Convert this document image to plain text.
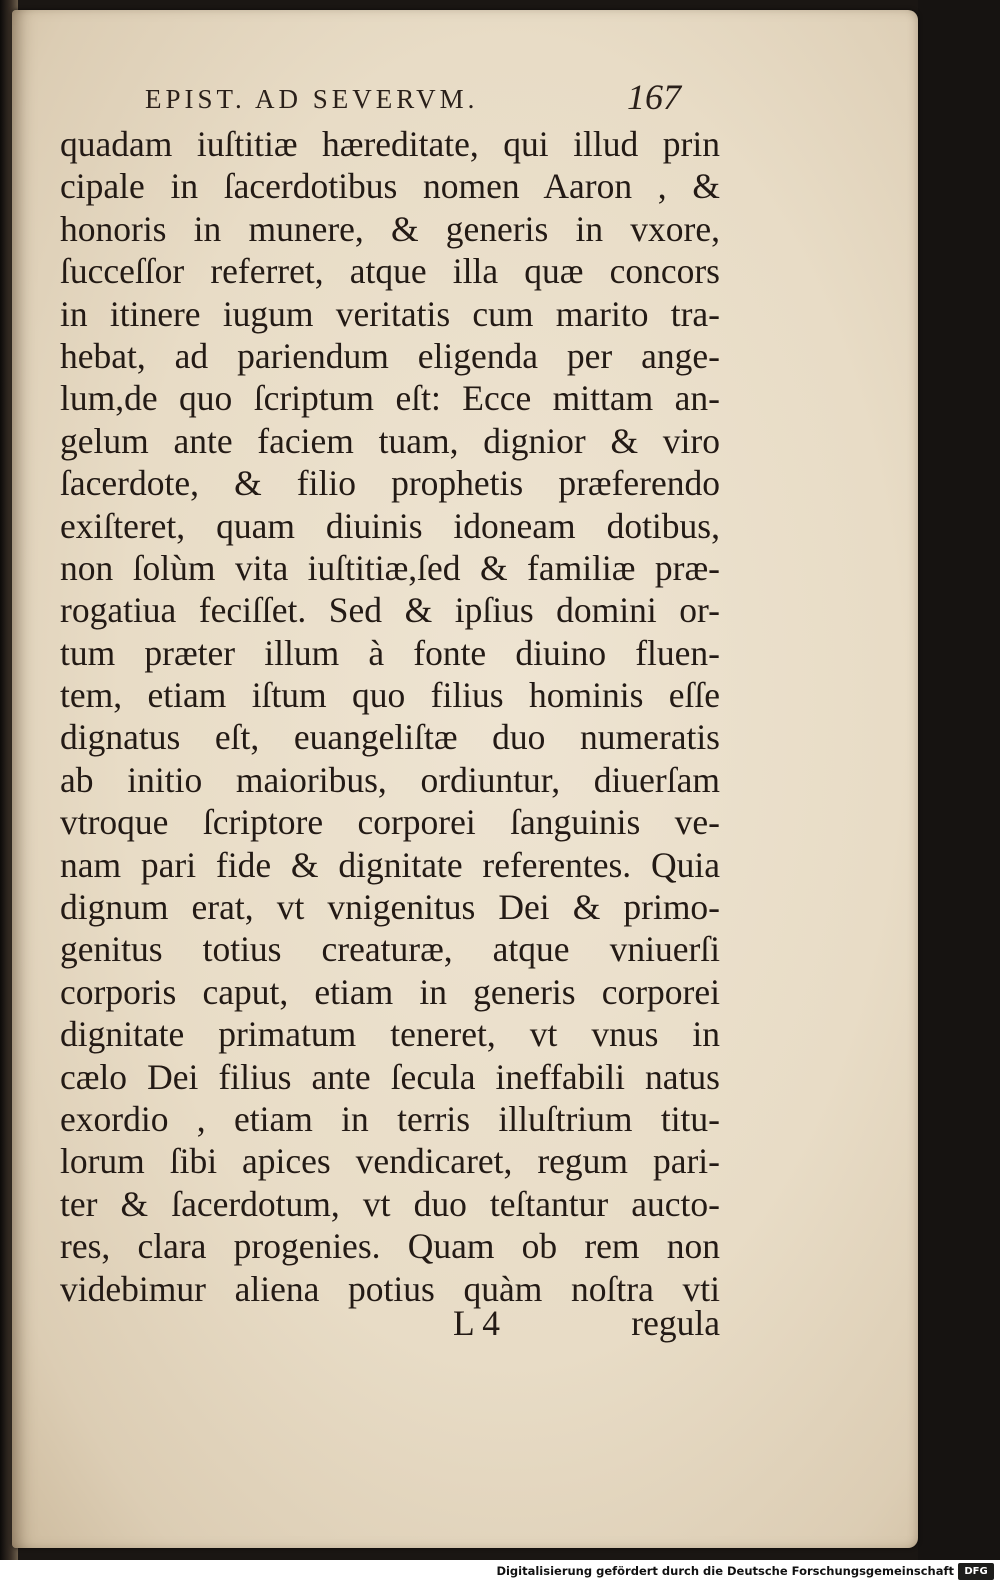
EPIST. AD SEVERVM.	167
quadam iuſtitiæ hæreditate, qui illud prin
cipale in ſacerdotibus nomen Aaron , &
honoris in munere, & generis in vxore,
ſucceſſor referret, atque illa quæ concors
in itinere iugum veritatis cum marito tra-
hebat, ad pariendum eligenda per ange-
lum,de quo ſcriptum eſt: Ecce mittam an-
gelum ante faciem tuam, dignior & viro
ſacerdote, & filio prophetis præferendo
exiſteret, quam diuinis idoneam dotibus,
non ſolùm vita iuſtitiæ,ſed & familiæ præ-
rogatiua feciſſet. Sed & ipſius domini or-
tum præter illum à fonte diuino fluen-
tem, etiam iſtum quo filius hominis eſſe
dignatus eſt, euangeliſtæ duo numeratis
ab initio maioribus, ordiuntur, diuerſam
vtroque ſcriptore corporei ſanguinis ve-
nam pari fide & dignitate referentes. Quia
dignum erat, vt vnigenitus Dei & primo-
genitus totius creaturæ, atque vniuerſi
corporis caput, etiam in generis corporei
dignitate primatum teneret, vt vnus in
cælo Dei filius ante ſecula ineffabili natus
exordio , etiam in terris illuſtrium titu-
lorum ſibi apices vendicaret, regum pari-
ter & ſacerdotum, vt duo teſtantur aucto-
res, clara progenies. Quam ob rem non
videbimur aliena potius quàm noſtra vti
L 4	regula
Digitalisierung gefördert durch die Deutsche Forschungsgemeinschaft	DFG
